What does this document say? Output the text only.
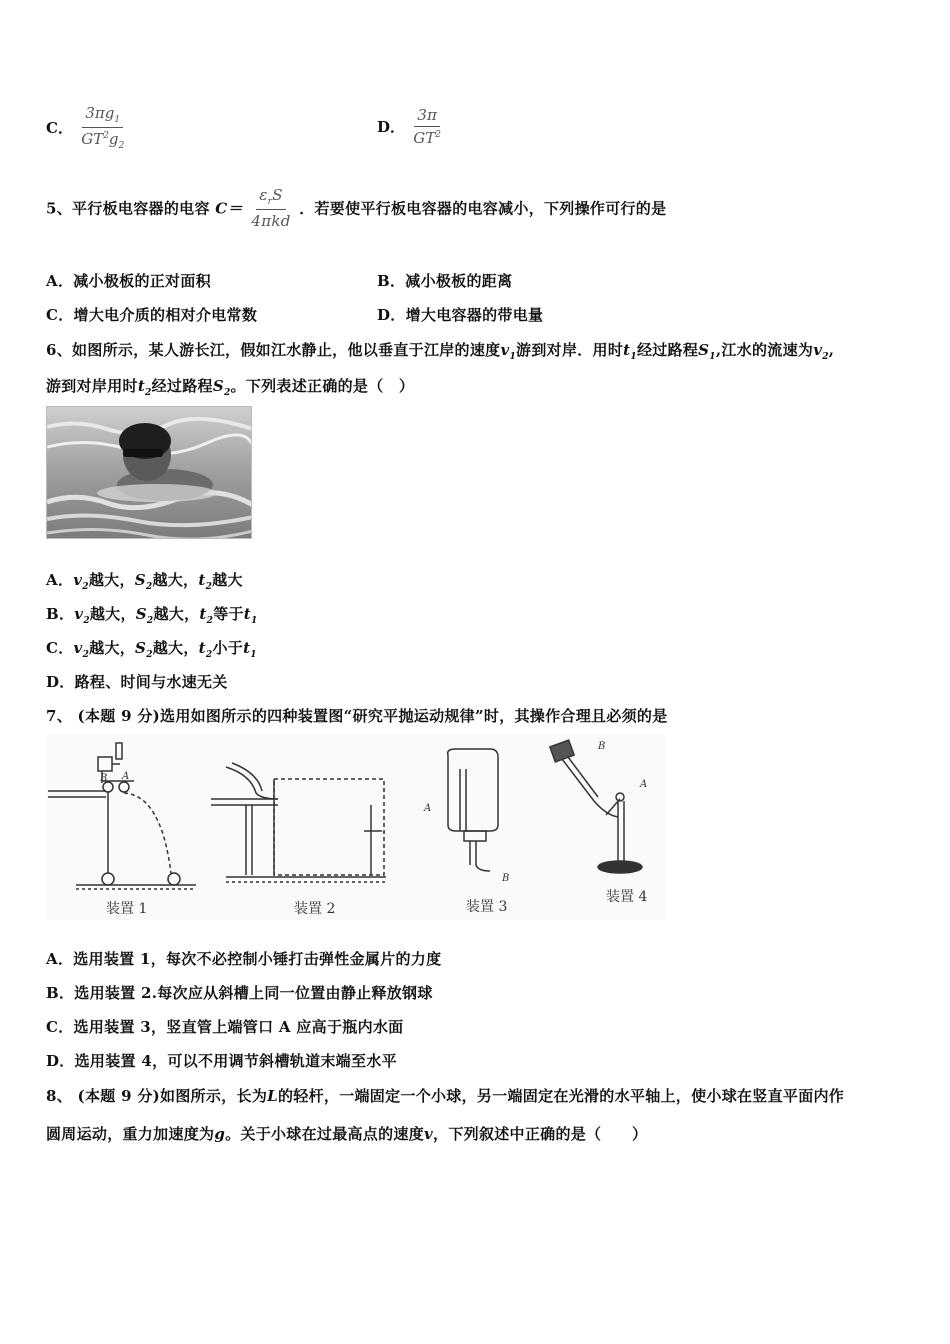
C． $\frac{3\pi g_1}{GT^2g_2}$	D． $\frac{3\pi}{GT^2}$
5、平行板电容器的电容 $C= \frac{\varepsilon_rS}{\text{4πkd}}$ ．若要使平行板电容器的电容减小，下列操作可行的是
A．减小极板的正对面积	B．减小极板的距离
C．增大电介质的相对介电常数	D．增大电容器的带电量
6、如图所示，某人游长江，假如江水静止，他以垂直于江岸的速度$v_1$游到对岸．用时$t_1$经过路程$S_1$,江水的流速为$v_2$,
游到对岸用时$t_2$经过路程$S_2$。下列表述正确的是（　）
A．$v_2$越大，$S_2$越大，$t_2$越大
B．$v_2$越大，$S_2$越大，$t_2$等于$t_1$
C．$v_2$越大，$S_2$越大，$t_2$小于$t_1$
D．路程、时间与水速无关
7、 (本题 9 分)选用如图所示的四种装置图“研究平抛运动规律”时，其操作合理且必须的是
B A
装置 1	装置 2
A
B
装置 3
B
A
装置 4
A．选用装置 1，每次不必控制小锤打击弹性金属片的力度
B．选用装置 2.每次应从斜槽上同一位置由静止释放钢球
C．选用装置 3，竖直管上端管口 A 应高于瓶内水面
D．选用装置 4，可以不用调节斜槽轨道末端至水平
8、 (本题 9 分)如图所示，长为L的轻杆，一端固定一个小球，另一端固定在光滑的水平轴上，使小球在竖直平面内作
圆周运动，重力加速度为g。关于小球在过最高点的速度v，下列叙述中正确的是（　　）
